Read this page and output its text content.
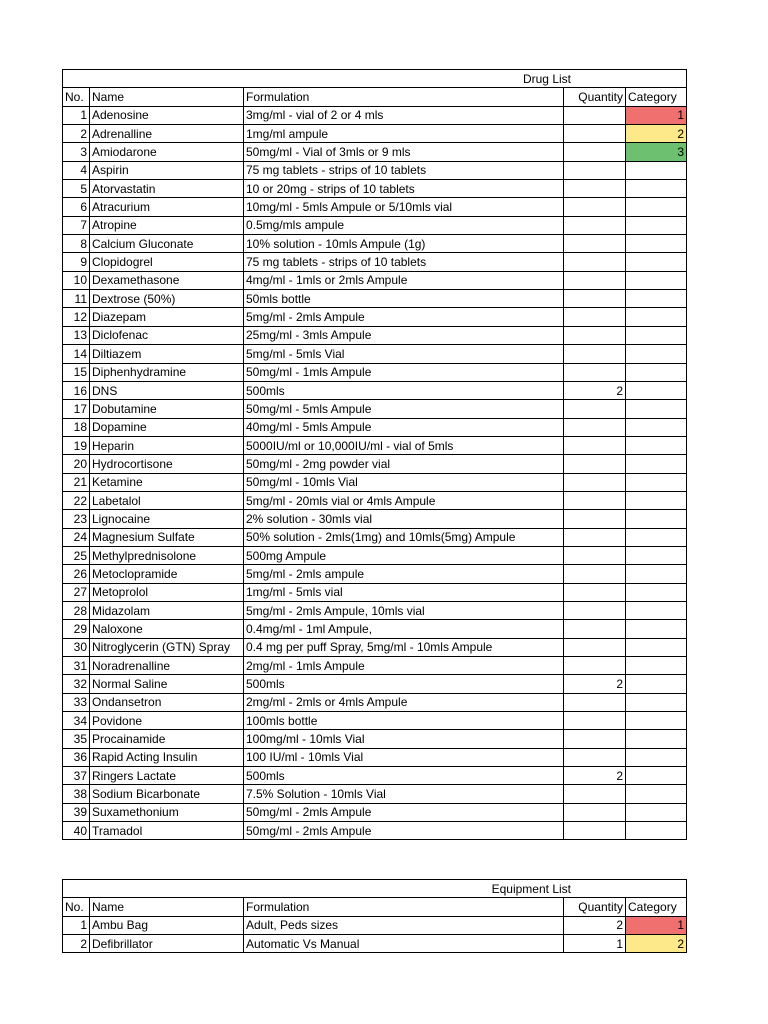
Drug List				
No.	Name	Formulation	Quantity	Category
1	Adenosine	3mg/ml - vial of 2 or 4 mls		1
2	Adrenalline	1mg/ml ampule		2
3	Amiodarone	50mg/ml - Vial of 3mls or 9 mls		3
4	Aspirin	75 mg tablets - strips of 10 tablets		
5	Atorvastatin	10 or 20mg - strips of 10 tablets		
6	Atracurium	10mg/ml - 5mls Ampule or 5/10mls vial		
7	Atropine	0.5mg/mls ampule		
8	Calcium Gluconate	10% solution - 10mls Ampule (1g)		
9	Clopidogrel	75 mg tablets - strips of 10 tablets		
10	Dexamethasone	4mg/ml - 1mls or 2mls Ampule		
11	Dextrose (50%)	50mls bottle		
12	Diazepam	5mg/ml - 2mls Ampule		
13	Diclofenac	25mg/ml - 3mls Ampule		
14	Diltiazem	5mg/ml - 5mls Vial		
15	Diphenhydramine	50mg/ml - 1mls Ampule		
16	DNS	500mls	2	
17	Dobutamine	50mg/ml - 5mls Ampule		
18	Dopamine	40mg/ml - 5mls Ampule		
19	Heparin	5000IU/ml or 10,000IU/ml - vial of 5mls		
20	Hydrocortisone	50mg/ml - 2mg powder vial		
21	Ketamine	50mg/ml - 10mls Vial		
22	Labetalol	5mg/ml - 20mls vial or 4mls Ampule		
23	Lignocaine	2% solution - 30mls vial		
24	Magnesium Sulfate	50% solution - 2mls(1mg) and 10mls(5mg) Ampule		
25	Methylprednisolone	500mg Ampule		
26	Metoclopramide	5mg/ml - 2mls ampule		
27	Metoprolol	1mg/ml - 5mls vial		
28	Midazolam	5mg/ml - 2mls Ampule, 10mls vial		
29	Naloxone	0.4mg/ml - 1ml Ampule,		
30	Nitroglycerin (GTN) Spray	0.4 mg per puff Spray, 5mg/ml - 10mls Ampule		
31	Noradrenalline	2mg/ml - 1mls Ampule		
32	Normal Saline	500mls	2	
33	Ondansetron	2mg/ml - 2mls or 4mls Ampule		
34	Povidone	100mls bottle		
35	Procainamide	100mg/ml - 10mls Vial		
36	Rapid Acting Insulin	100 IU/ml - 10mls Vial		
37	Ringers Lactate	500mls	2	
38	Sodium Bicarbonate	7.5% Solution - 10mls Vial		
39	Suxamethonium	50mg/ml - 2mls Ampule		
40	Tramadol	50mg/ml - 2mls Ampule		
Equipment List				
No.	Name	Formulation	Quantity	Category
1	Ambu Bag	Adult, Peds sizes	2	1
2	Defibrillator	Automatic Vs Manual	1	2
